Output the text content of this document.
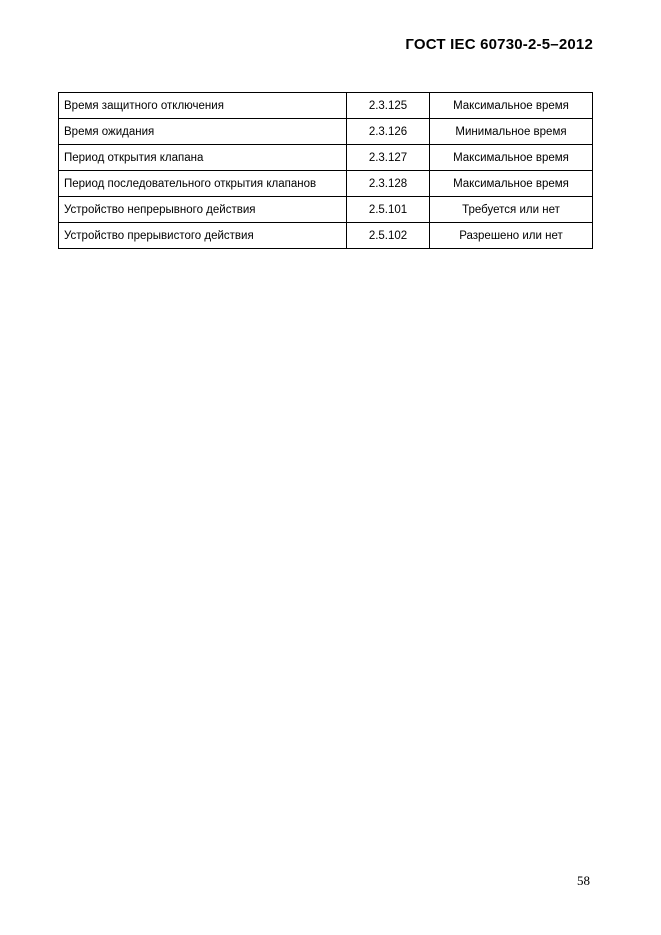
ГОСТ IEC 60730-2-5–2012
Время защитного отключения	2.3.125	Максимальное время
Время ожидания	2.3.126	Минимальное время
Период открытия клапана	2.3.127	Максимальное время
Период последовательного открытия клапанов	2.3.128	Максимальное время
Устройство непрерывного действия	2.5.101	Требуется или нет
Устройство прерывистого действия	2.5.102	Разрешено или нет
58
